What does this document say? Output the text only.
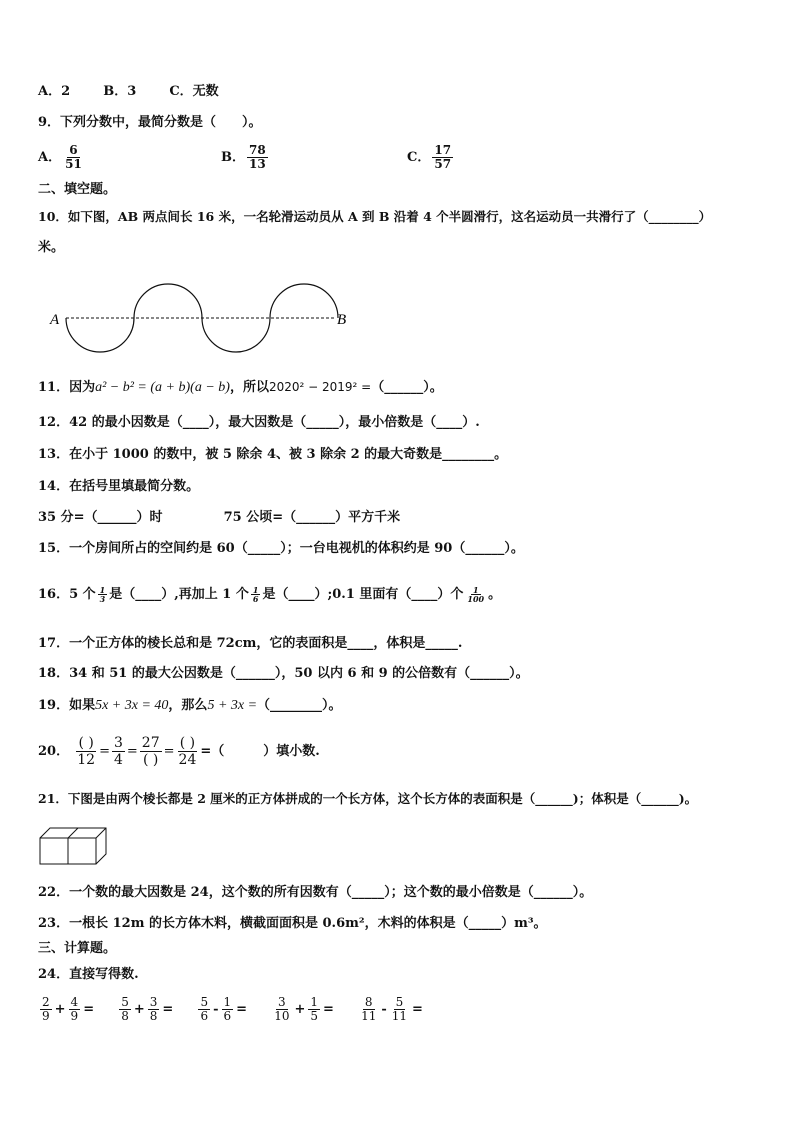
A．2	B．3	C．无数
9．下列分数中，最简分数是（　　）。
A． $\frac{6}{51}$	B． $\frac{78}{13}$	C． $\frac{17}{57}$
二、填空题。
10．如下图，AB 两点间长 16 米，一名轮滑运动员从 A 到 B 沿着 4 个半圆滑行，这名运动员一共滑行了（________）
米。
A	B
11．因为a² − b² = (a + b)(a − b)，所以2020² − 2019² =（______）。
12．42 的最小因数是（____），最大因数是（_____），最小倍数是（____）.
13．在小于 1000 的数中，被 5 除余 4、被 3 除余 2 的最大奇数是________。
14．在括号里填最简分数。
35 分=（______）时	75 公顷=（______）平方千米
15．一个房间所占的空间约是 60（_____）；一台电视机的体积约是 90（______）。
16．5 个 $\frac{1}{3}$ 是（____）,再加上 1 个 $\frac{1}{6}$ 是（____）;0.1 里面有（____）个 $\frac{1}{100}$ 。
17．一个正方体的棱长总和是 72cm，它的表面积是____，体积是_____.
18．34 和 51 的最大公因数是（______），50 以内 6 和 9 的公倍数有（______）。
19．如果5x + 3x = 40，那么5 + 3x =（________）。
20． $\frac{( )}{12} = \frac{3}{4} = \frac{27}{( )} = \frac{( )}{24}$ =（　　　）填小数.
21．下图是由两个棱长都是 2 厘米的正方体拼成的一个长方体，这个长方体的表面积是（______)；体积是（______)。
22．一个数的最大因数是 24，这个数的所有因数有（_____）；这个数的最小倍数是（______）。
23．一根长 12m 的长方体木料，横截面面积是 0.6m²，木料的体积是（_____）m³。
三、计算题。
24．直接写得数.
$\frac{2}{9} + \frac{4}{9}$ =
$\frac{5}{8} + \frac{3}{8}$ =
$\frac{5}{6} - \frac{1}{6}$ =
$\frac{3}{10} + \frac{1}{5}$ =
$\frac{8}{11} - \frac{5}{11}$ =
